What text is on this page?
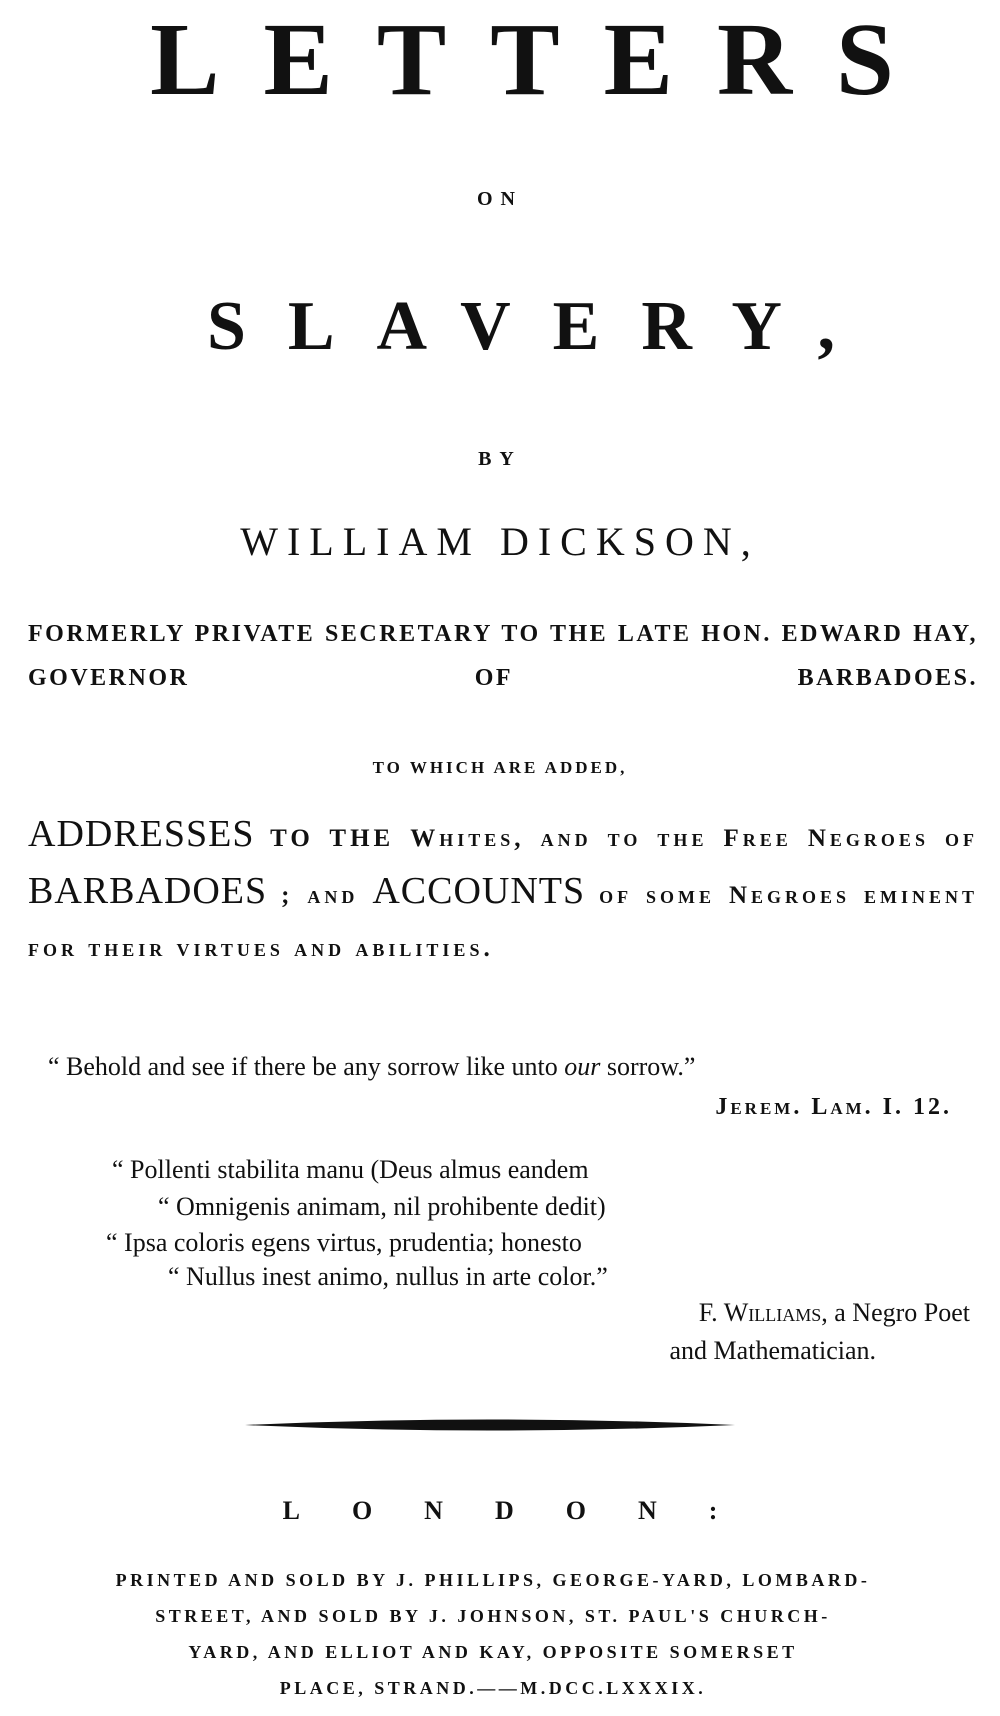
LETTERS
ON
SLAVERY,
BY
WILLIAM DICKSON,
FORMERLY PRIVATE SECRETARY TO THE LATE HON. EDWARD HAY, GOVERNOR OF BARBADOES.
TO WHICH ARE ADDED,
ADDRESSES TO THE Whites, and to the Free Negroes of BARBADOES ; and ACCOUNTS of some Negroes eminent for their virtues and abilities.
“ Behold and see if there be any sorrow like unto our sorrow.”
Jerem. Lam. I. 12.
“ Pollenti stabilita manu (Deus almus eandem
“ Omnigenis animam, nil prohibente dedit)
“ Ipsa coloris egens virtus, prudentia; honesto
“ Nullus inest animo, nullus in arte color.”
F. Williams, a Negro Poet
and Mathematician.
LONDON:
PRINTED AND SOLD BY J. PHILLIPS, GEORGE-YARD, LOMBARD-
STREET, AND SOLD BY J. JOHNSON, ST. PAUL'S CHURCH-
YARD, AND ELLIOT AND KAY, OPPOSITE SOMERSET
PLACE, STRAND.——M.DCC.LXXXIX.
